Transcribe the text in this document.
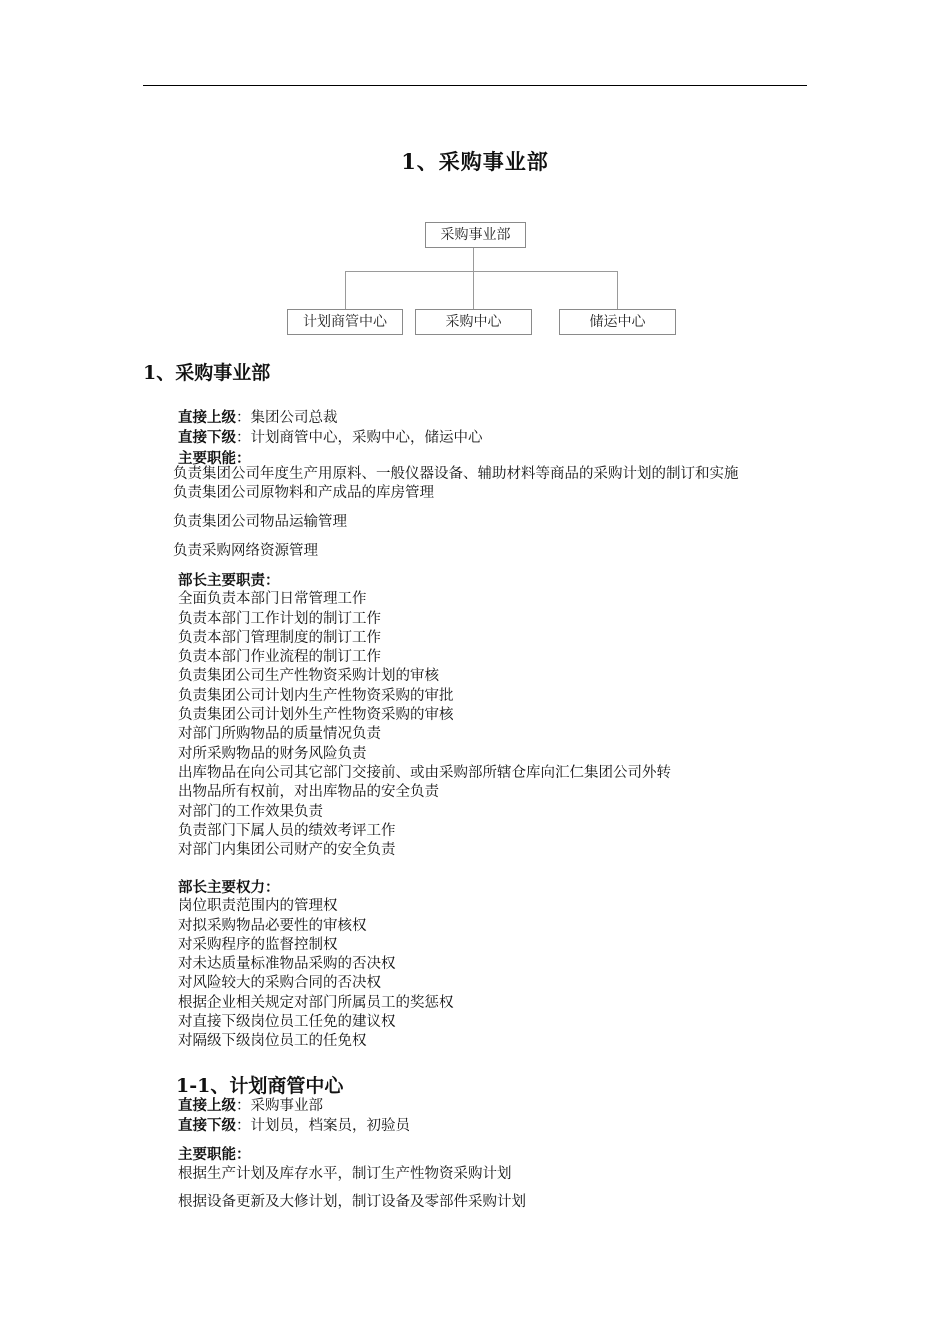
1、采购事业部
采购事业部
计划商管中心	采购中心	储运中心
1、采购事业部
直接上级：集团公司总裁
直接下级：计划商管中心，采购中心，储运中心
主要职能：
负责集团公司年度生产用原料、一般仪器设备、辅助材料等商品的采购计划的制订和实施
负责集团公司原物料和产成品的库房管理
负责集团公司物品运输管理
负责采购网络资源管理
部长主要职责：
全面负责本部门日常管理工作
负责本部门工作计划的制订工作
负责本部门管理制度的制订工作
负责本部门作业流程的制订工作
负责集团公司生产性物资采购计划的审核
负责集团公司计划内生产性物资采购的审批
负责集团公司计划外生产性物资采购的审核
对部门所购物品的质量情况负责
对所采购物品的财务风险负责
出库物品在向公司其它部门交接前、或由采购部所辖仓库向汇仁集团公司外转
出物品所有权前，对出库物品的安全负责
对部门的工作效果负责
负责部门下属人员的绩效考评工作
对部门内集团公司财产的安全负责
部长主要权力：
岗位职责范围内的管理权
对拟采购物品必要性的审核权
对采购程序的监督控制权
对未达质量标准物品采购的否决权
对风险较大的采购合同的否决权
根据企业相关规定对部门所属员工的奖惩权
对直接下级岗位员工任免的建议权
对隔级下级岗位员工的任免权
1-1、计划商管中心
直接上级：采购事业部
直接下级：计划员，档案员，初验员
主要职能：
根据生产计划及库存水平，制订生产性物资采购计划
根据设备更新及大修计划，制订设备及零部件采购计划
